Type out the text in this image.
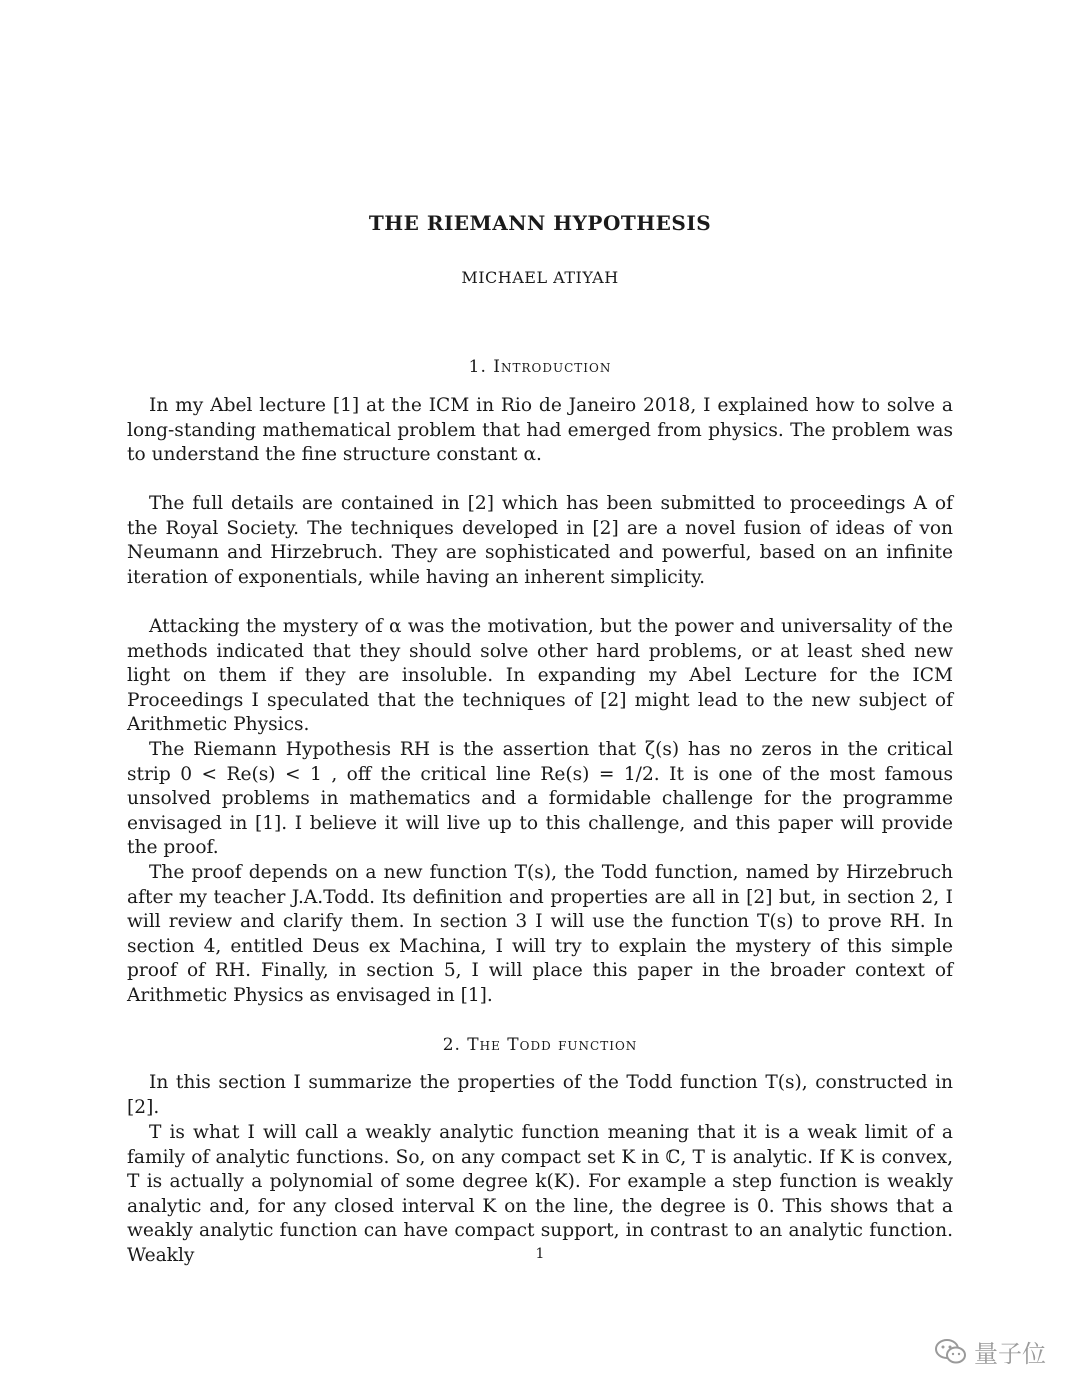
THE RIEMANN HYPOTHESIS
MICHAEL ATIYAH
1. Introduction

In my Abel lecture [1] at the ICM in Rio de Janeiro 2018, I explained how to solve a long-standing mathematical problem that had emerged from physics. The problem was to understand the fine structure constant α.

The full details are contained in [2] which has been submitted to proceedings A of the Royal Society. The techniques developed in [2] are a novel fusion of ideas of von Neumann and Hirzebruch. They are sophisticated and powerful, based on an infinite iteration of exponentials, while having an inherent simplicity.

Attacking the mystery of α was the motivation, but the power and universality of the methods indicated that they should solve other hard problems, or at least shed new light on them if they are insoluble. In expanding my Abel Lecture for the ICM Proceedings I speculated that the techniques of [2] might lead to the new subject of Arithmetic Physics.

The Riemann Hypothesis RH is the assertion that ζ(s) has no zeros in the critical strip 0 < Re(s) < 1 , off the critical line Re(s) = 1/2. It is one of the most famous unsolved problems in mathematics and a formidable challenge for the programme envisaged in [1]. I believe it will live up to this challenge, and this paper will provide the proof.

The proof depends on a new function T(s), the Todd function, named by Hirzebruch after my teacher J.A.Todd. Its definition and properties are all in [2] but, in section 2, I will review and clarify them. In section 3 I will use the function T(s) to prove RH. In section 4, entitled Deus ex Machina, I will try to explain the mystery of this simple proof of RH. Finally, in section 5, I will place this paper in the broader context of Arithmetic Physics as envisaged in [1].

2. The Todd function

In this section I summarize the properties of the Todd function T(s), constructed in [2].

T is what I will call a weakly analytic function meaning that it is a weak limit of a family of analytic functions. So, on any compact set K in ℂ, T is analytic. If K is convex, T is actually a polynomial of some degree k(K). For example a step function is weakly analytic and, for any closed interval K on the line, the degree is 0. This shows that a weakly analytic function can have compact support, in contrast to an analytic function. Weakly	1
量子位
